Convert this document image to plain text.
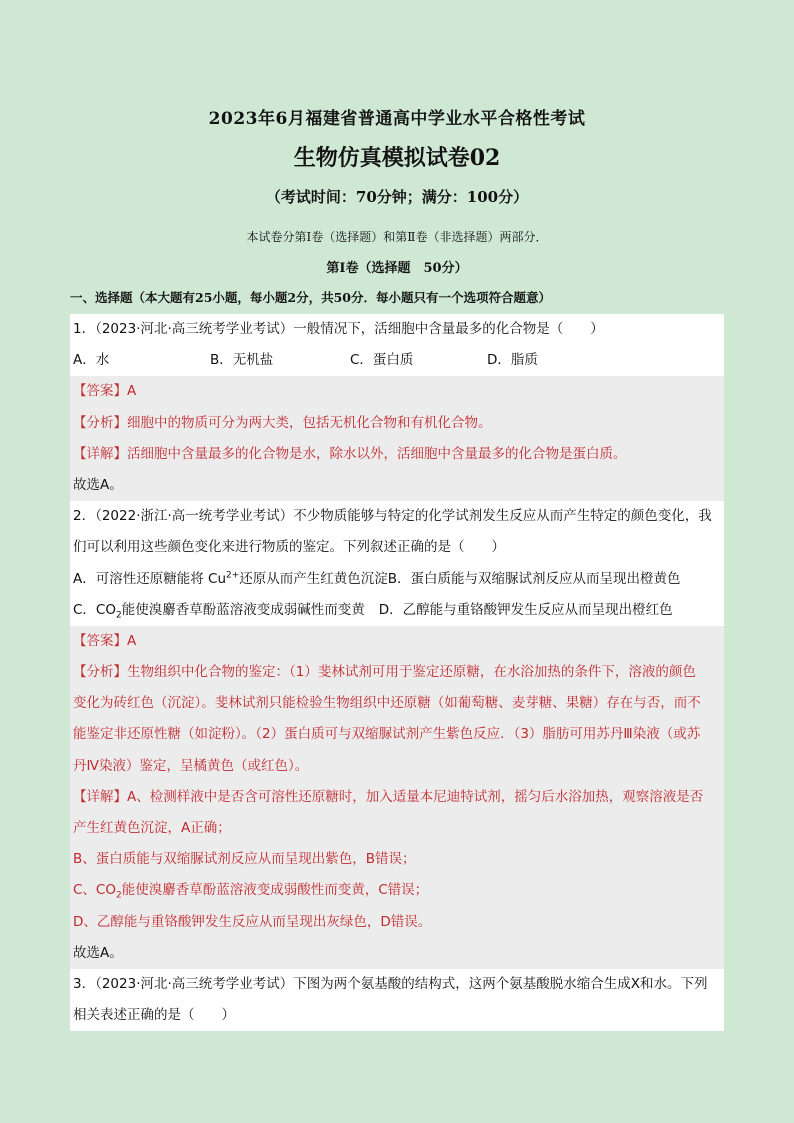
2023年6月福建省普通高中学业水平合格性考试
生物仿真模拟试卷02
（考试时间：70分钟；满分：100分）
本试卷分第Ⅰ卷（选择题）和第Ⅱ卷（非选择题）两部分．
第Ⅰ卷（选择题　50分）
一、选择题（本大题有25小题，每小题2分，共50分．每小题只有一个选项符合题意）
1．（2023·河北·高三统考学业考试）一般情况下，活细胞中含量最多的化合物是（　　）
A．水	B．无机盐	C．蛋白质	D．脂质
【答案】A
【分析】细胞中的物质可分为两大类，包括无机化合物和有机化合物。
【详解】活细胞中含量最多的化合物是水，除水以外，活细胞中含量最多的化合物是蛋白质。
故选A。
2．（2022·浙江·高一统考学业考试）不少物质能够与特定的化学试剂发生反应从而产生特定的颜色变化，我
们可以利用这些颜色变化来进行物质的鉴定。下列叙述正确的是（　　）
A．可溶性还原糖能将 $Cu^{2+}$还原从而产生红黄色沉淀B．蛋白质能与双缩脲试剂反应从而呈现出橙黄色
C．$CO_2$能使溴麝香草酚蓝溶液变成弱碱性而变黄 D．乙醇能与重铬酸钾发生反应从而呈现出橙红色
【答案】A
【分析】生物组织中化合物的鉴定：（1）斐林试剂可用于鉴定还原糖，在水浴加热的条件下，溶液的颜色
变化为砖红色（沉淀）。斐林试剂只能检验生物组织中还原糖（如葡萄糖、麦芽糖、果糖）存在与否，而不
能鉴定非还原性糖（如淀粉）。（2）蛋白质可与双缩脲试剂产生紫色反应．（3）脂肪可用苏丹Ⅲ染液（或苏
丹Ⅳ染液）鉴定，呈橘黄色（或红色）。
【详解】A、检测样液中是否含可溶性还原糖时，加入适量本尼迪特试剂，摇匀后水浴加热，观察溶液是否
产生红黄色沉淀，A正确；
B、蛋白质能与双缩脲试剂反应从而呈现出紫色，B错误；
C、$CO_2$能使溴麝香草酚蓝溶液变成弱酸性而变黄，C错误；
D、乙醇能与重铬酸钾发生反应从而呈现出灰绿色，D错误。
故选A。
3．（2023·河北·高三统考学业考试）下图为两个氨基酸的结构式，这两个氨基酸脱水缩合生成X和水。下列
相关表述正确的是（　　）
